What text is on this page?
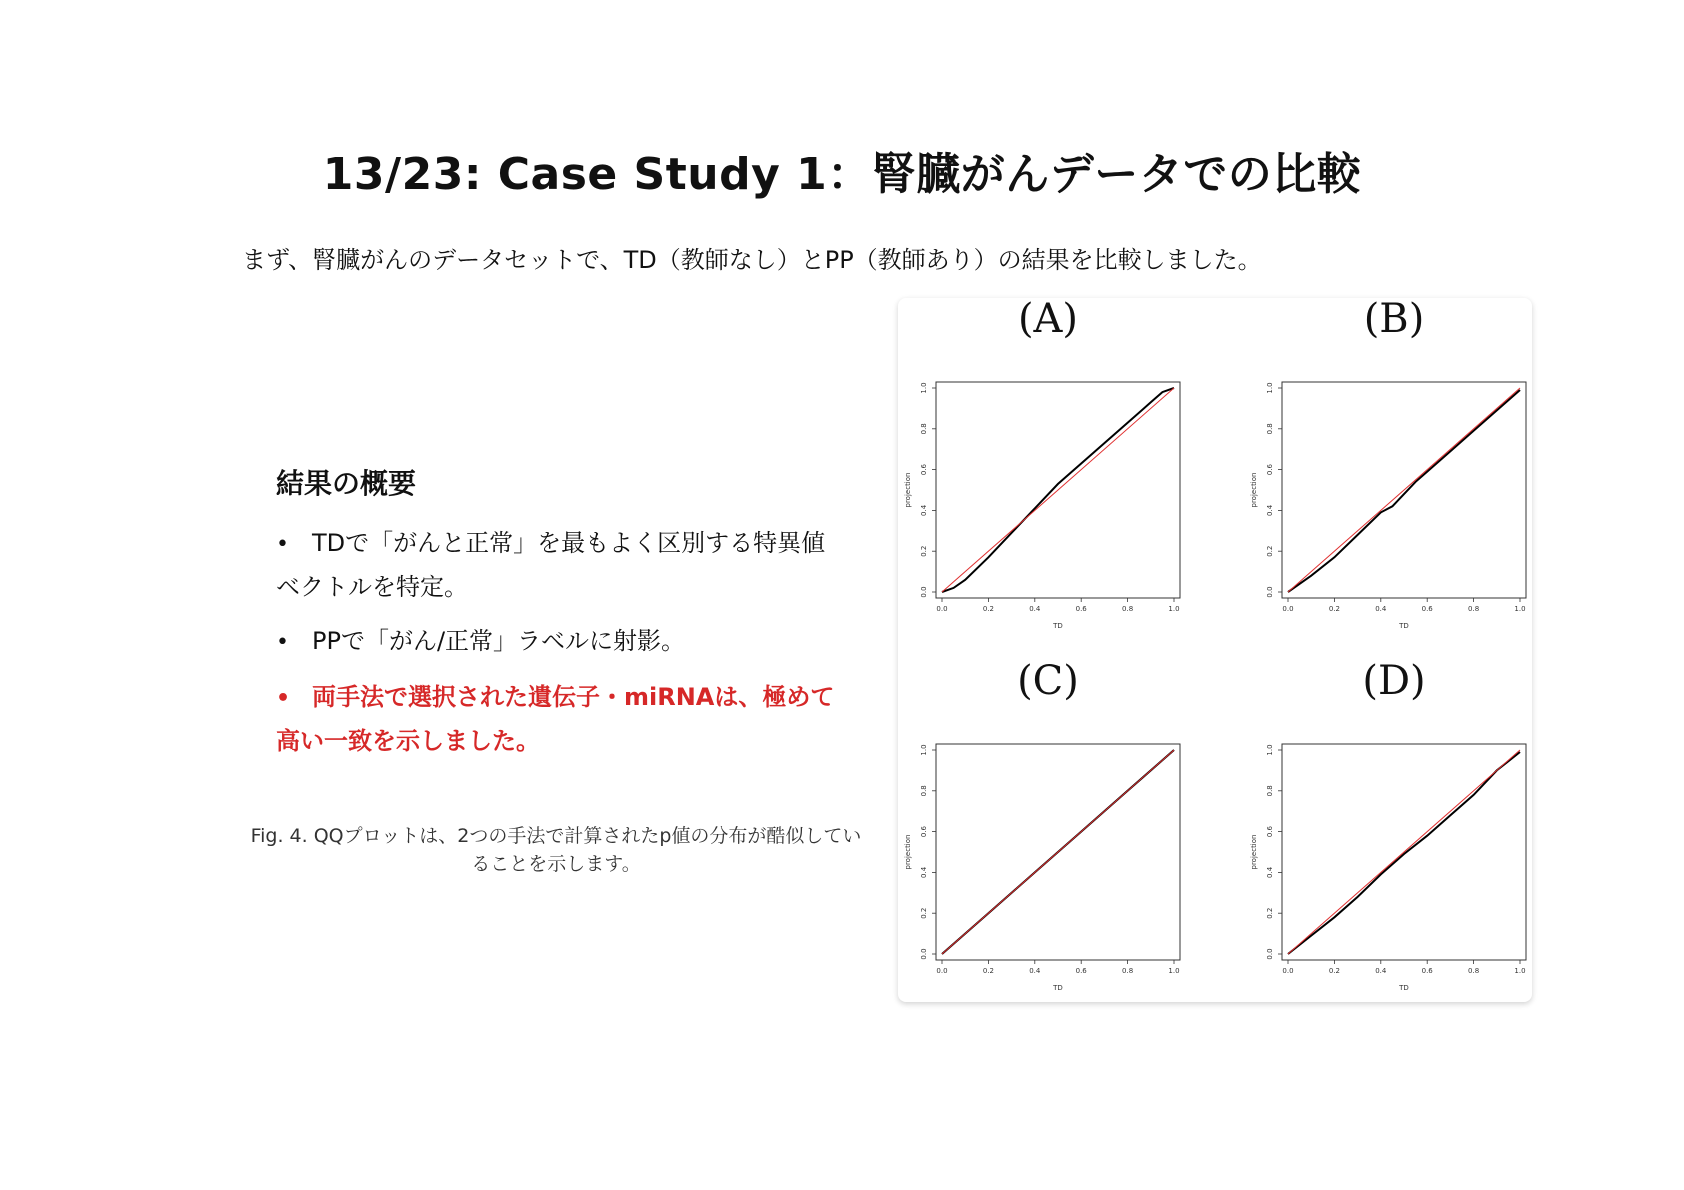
13/23: Case Study 1：腎臓がんデータでの比較
まず、腎臓がんのデータセットで、TD（教師なし）とPP（教師あり）の結果を比較しました。
結果の概要
• TDで「がんと正常」を最もよく区別する特異値ベクトルを特定。
• PPで「がん/正常」ラベルに射影。
• 両手法で選択された遺伝子・miRNAは、極めて高い一致を示しました。
Fig. 4. QQプロットは、2つの手法で計算されたp値の分布が酷似していることを示します。
(A)
0.0	0.2	0.4	0.6	0.8	1.0
0.0
0.2
0.4
0.6
0.8
1.0
TD
projection
(B)
0.0	0.2	0.4	0.6	0.8	1.0
0.0
0.2
0.4
0.6
0.8
1.0
TD
projection
(C)
0.0	0.2	0.4	0.6	0.8	1.0
0.0
0.2
0.4
0.6
0.8
1.0
TD
projection
(D)
0.0	0.2	0.4	0.6	0.8	1.0
0.0
0.2
0.4
0.6
0.8
1.0
TD
projection
